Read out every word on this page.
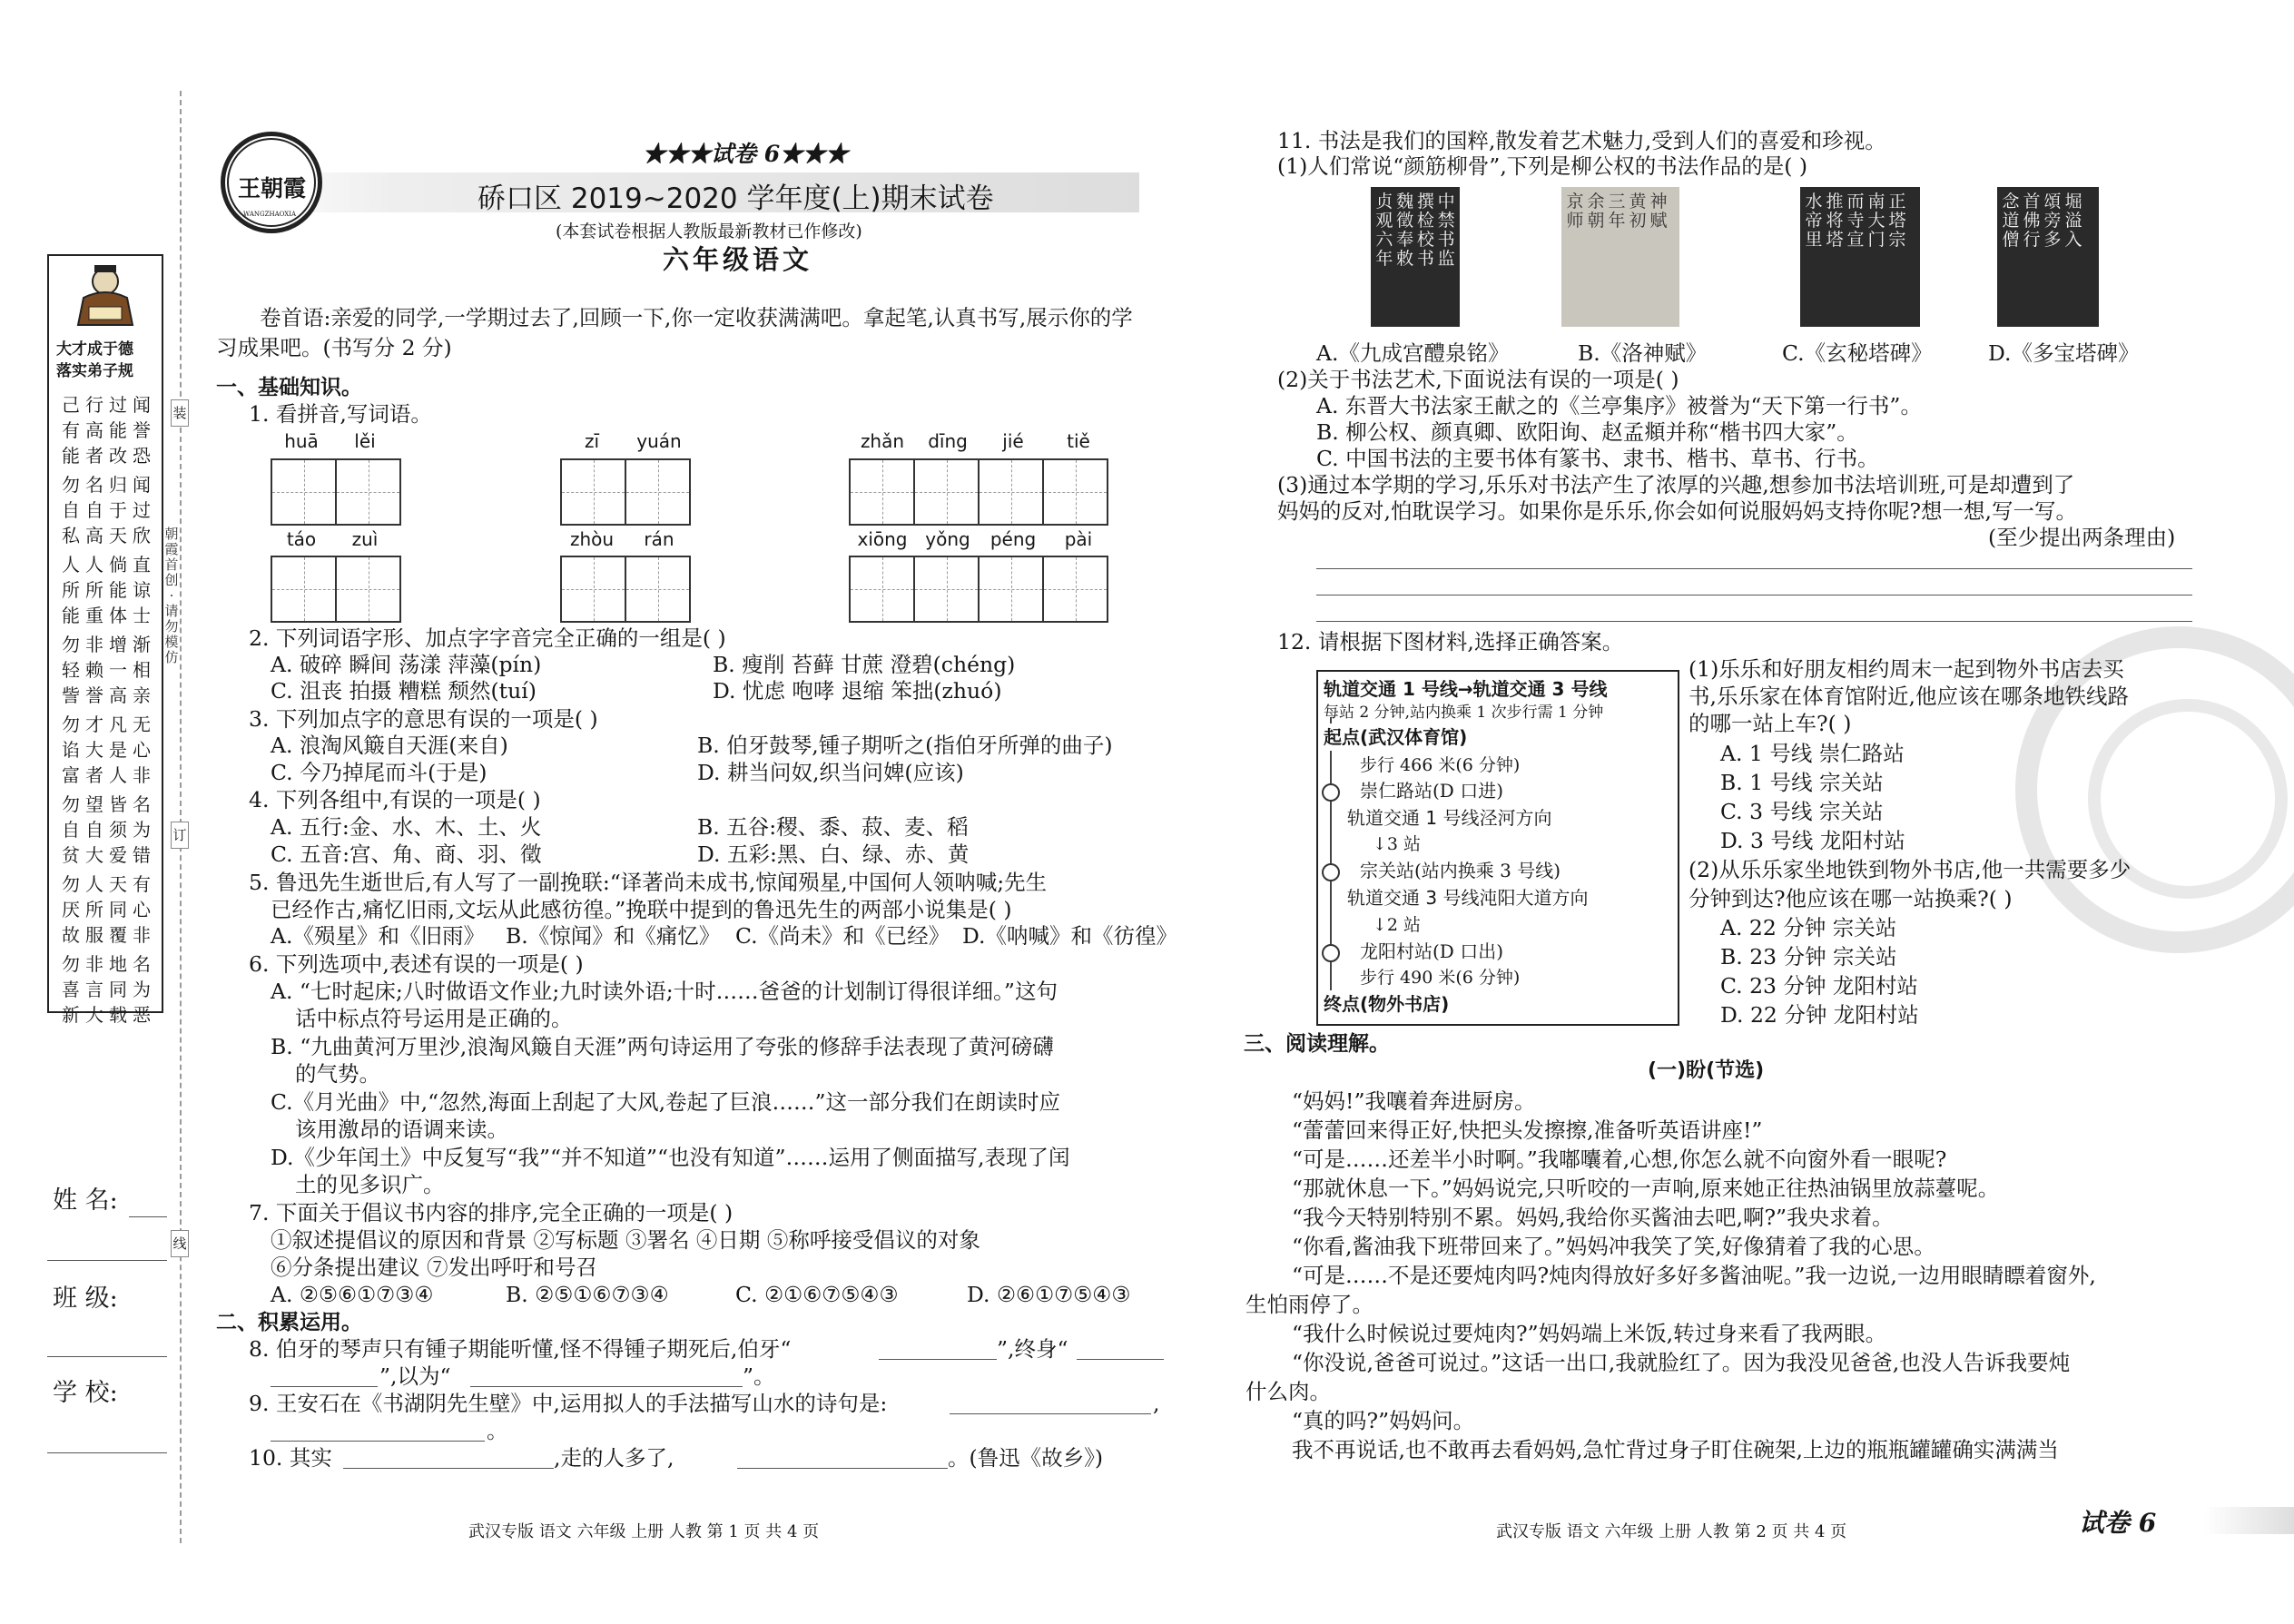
装
订
线
朝霞首创·请勿模仿
大才成于德
落实弟子规
己行过闻
有高能誉
能者改恐
勿名归闻
自自于过
私高天欣
人人倘直
所所能谅
能重体士
勿非增渐
轻赖一相
訾誉高亲
勿才凡无
谄大是心
富者人非
勿望皆名
自自须为
贫大爱错
勿人天有
厌所同心
故服覆非
勿非地名
喜言同为
新大载恶
姓 名:
班 级:
学 校:
王朝霞
WANGZHAOXIA
★★★试卷 6★★★
硚口区 2019~2020 学年度(上)期末试卷
(本套试卷根据人教版最新教材已作修改)
六年级语文
卷首语:亲爱的同学,一学期过去了,回顾一下,你一定收获满满吧。拿起笔,认真书写,展示你的学
习成果吧。(书写分 2 分)
一、基础知识。
1. 看拼音,写词语。
huā	lěi	zī	yuán	zhǎn	dīng	jié	tiě
táo	zuì	zhòu	rán	xiōng yǒng	péng	pài
2. 下列词语字形、加点字字音完全正确的一组是( )
A. 破碎 瞬间 荡漾 萍藻(pín)	B. 瘦削 苔藓 甘蔗 澄碧(chéng)
C. 沮丧 拍摄 糟糕 颓然(tuí)	D. 忧虑 咆哮 退缩 笨拙(zhuó)
3. 下列加点字的意思有误的一项是( )
A. 浪淘风簸自天涯(来自)	B. 伯牙鼓琴,锺子期听之(指伯牙所弹的曲子)
C. 今乃掉尾而斗(于是)	D. 耕当问奴,织当问婢(应该)
4. 下列各组中,有误的一项是( )
A. 五行:金、水、木、土、火	B. 五谷:稷、黍、菽、麦、稻
C. 五音:宫、角、商、羽、徵	D. 五彩:黑、白、绿、赤、黄
5. 鲁迅先生逝世后,有人写了一副挽联:“译著尚未成书,惊闻殒星,中国何人领呐喊;先生
已经作古,痛忆旧雨,文坛从此感彷徨。”挽联中提到的鲁迅先生的两部小说集是( )
A.《殒星》和《旧雨》 B.《惊闻》和《痛忆》 C.《尚未》和《已经》 D.《呐喊》和《彷徨》
6. 下列选项中,表述有误的一项是( )
A. “七时起床;八时做语文作业;九时读外语;十时……爸爸的计划制订得很详细。”这句
话中标点符号运用是正确的。
B. “九曲黄河万里沙,浪淘风簸自天涯”两句诗运用了夸张的修辞手法表现了黄河磅礴
的气势。
C.《月光曲》中,“忽然,海面上刮起了大风,卷起了巨浪……”这一部分我们在朗读时应
该用激昂的语调来读。
D.《少年闰土》中反复写“我”“并不知道”“也没有知道”……运用了侧面描写,表现了闰
土的见多识广。
7. 下面关于倡议书内容的排序,完全正确的一项是( )
①叙述提倡议的原因和背景 ②写标题 ③署名 ④日期 ⑤称呼接受倡议的对象
⑥分条提出建议 ⑦发出呼吁和号召
A. ②⑤⑥①⑦③④	B. ②⑤①⑥⑦③④	C. ②①⑥⑦⑤④③	D. ②⑥①⑦⑤④③
二、积累运用。
8. 伯牙的琴声只有锺子期能听懂,怪不得锺子期死后,伯牙“	”,终身“
”,以为“	”。
9. 王安石在《书湖阴先生壁》中,运用拟人的手法描写山水的诗句是:	,
。
10. 其实	,走的人多了,	。(鲁迅《故乡》)
武汉专版 语文 六年级 上册 人教 第 1 页 共 4 页
11. 书法是我们的国粹,散发着艺术魅力,受到人们的喜爱和珍视。
(1)人们常说“颜筋柳骨”,下列是柳公权的书法作品的是( )
贞观六年
魏徵奉敕
撰检校书
中禁书监
京师
余朝
三年
黄初
神赋
水帝里
推将塔
而寺宣
南大门
正塔宗
念道僧
首佛行
頌旁多
堀溢入
A.《九成宫醴泉铭》	B.《洛神赋》	C.《玄秘塔碑》	D.《多宝塔碑》
(2)关于书法艺术,下面说法有误的一项是( )
A. 东晋大书法家王献之的《兰亭集序》被誉为“天下第一行书”。
B. 柳公权、颜真卿、欧阳询、赵孟頫并称“楷书四大家”。
C. 中国书法的主要书体有篆书、隶书、楷书、草书、行书。
(3)通过本学期的学习,乐乐对书法产生了浓厚的兴趣,想参加书法培训班,可是却遭到了
妈妈的反对,怕耽误学习。如果你是乐乐,你会如何说服妈妈支持你呢?想一想,写一写。
(至少提出两条理由)
12. 请根据下图材料,选择正确答案。
轨道交通 1 号线→轨道交通 3 号线
每站 2 分钟,站内换乘 1 次步行需 1 分钟
起点(武汉体育馆)
步行 466 米(6 分钟)
崇仁路站(D 口进)
轨道交通 1 号线泾河方向
↓3 站
宗关站(站内换乘 3 号线)
轨道交通 3 号线沌阳大道方向
↓2 站
龙阳村站(D 口出)
步行 490 米(6 分钟)
终点(物外书店)
(1)乐乐和好朋友相约周末一起到物外书店去买
书,乐乐家在体育馆附近,他应该在哪条地铁线路
的哪一站上车?( )
A. 1 号线 崇仁路站
B. 1 号线 宗关站
C. 3 号线 宗关站
D. 3 号线 龙阳村站
(2)从乐乐家坐地铁到物外书店,他一共需要多少
分钟到达?他应该在哪一站换乘?( )
A. 22 分钟 宗关站
B. 23 分钟 宗关站
C. 23 分钟 龙阳村站
D. 22 分钟 龙阳村站
三、阅读理解。
(一)盼(节选)
“妈妈!”我嚷着奔进厨房。
“蕾蕾回来得正好,快把头发擦擦,准备听英语讲座!”
“可是……还差半小时啊。”我嘟囔着,心想,你怎么就不向窗外看一眼呢?
“那就休息一下。”妈妈说完,只听咬的一声响,原来她正往热油锅里放蒜薹呢。
“我今天特别特别不累。妈妈,我给你买酱油去吧,啊?”我央求着。
“你看,酱油我下班带回来了。”妈妈冲我笑了笑,好像猜着了我的心思。
“可是……不是还要炖肉吗?炖肉得放好多好多酱油呢。”我一边说,一边用眼睛瞟着窗外,
生怕雨停了。
“我什么时候说过要炖肉?”妈妈端上米饭,转过身来看了我两眼。
“你没说,爸爸可说过。”这话一出口,我就脸红了。因为我没见爸爸,也没人告诉我要炖
什么肉。
“真的吗?”妈妈问。
我不再说话,也不敢再去看妈妈,急忙背过身子盯住碗架,上边的瓶瓶罐罐确实满满当
武汉专版 语文 六年级 上册 人教 第 2 页 共 4 页	试卷 6
